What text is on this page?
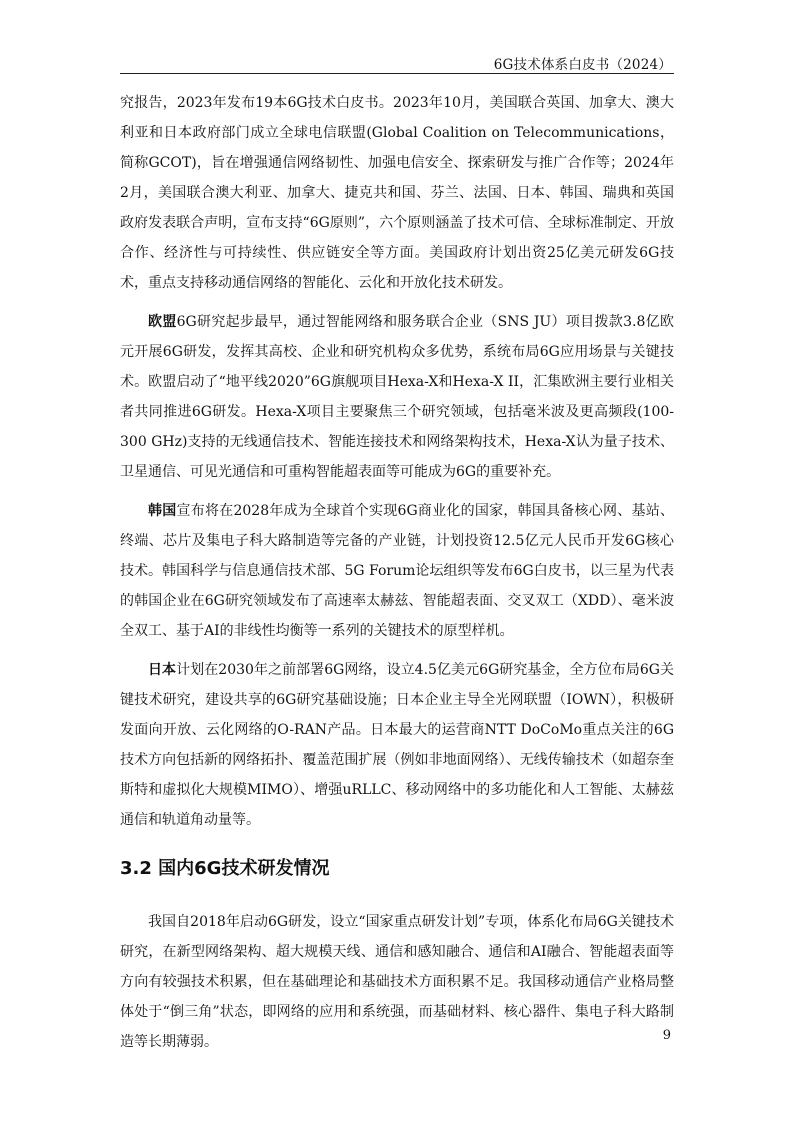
6G技术体系白皮书（2024）

究报告，2023年发布19本6G技术白皮书。2023年10月，美国联合英国、加拿大、澳大利亚和日本政府部门成立全球电信联盟(Global Coalition on Telecommunications，简称GCOT)，旨在增强通信网络韧性、加强电信安全、探索研发与推广合作等；2024年2月，美国联合澳大利亚、加拿大、捷克共和国、芬兰、法国、日本、韩国、瑞典和英国政府发表联合声明，宣布支持“6G原则”，六个原则涵盖了技术可信、全球标准制定、开放合作、经济性与可持续性、供应链安全等方面。美国政府计划出资25亿美元研发6G技术，重点支持移动通信网络的智能化、云化和开放化技术研发。

欧盟6G研究起步最早，通过智能网络和服务联合企业（SNS JU）项目拨款3.8亿欧元开展6G研发，发挥其高校、企业和研究机构众多优势，系统布局6G应用场景与关键技术。欧盟启动了“地平线2020”6G旗舰项目Hexa-X和Hexa-X II，汇集欧洲主要行业相关者共同推进6G研发。Hexa-X项目主要聚焦三个研究领域，包括毫米波及更高频段(100-300 GHz)支持的无线通信技术、智能连接技术和网络架构技术，Hexa-X认为量子技术、卫星通信、可见光通信和可重构智能超表面等可能成为6G的重要补充。

韩国宣布将在2028年成为全球首个实现6G商业化的国家，韩国具备核心网、基站、终端、芯片及集电子科大路制造等完备的产业链，计划投资12.5亿元人民币开发6G核心技术。韩国科学与信息通信技术部、5G Forum论坛组织等发布6G白皮书，以三星为代表的韩国企业在6G研究领域发布了高速率太赫兹、智能超表面、交叉双工（XDD）、毫米波全双工、基于AI的非线性均衡等一系列的关键技术的原型样机。

日本计划在2030年之前部署6G网络，设立4.5亿美元6G研究基金，全方位布局6G关键技术研究，建设共享的6G研究基础设施；日本企业主导全光网联盟（IOWN），积极研发面向开放、云化网络的O-RAN产品。日本最大的运营商NTT DoCoMo重点关注的6G技术方向包括新的网络拓扑、覆盖范围扩展（例如非地面网络）、无线传输技术（如超奈奎斯特和虚拟化大规模MIMO）、增强uRLLC、移动网络中的多功能化和人工智能、太赫兹通信和轨道角动量等。

3.2 国内6G技术研发情况

我国自2018年启动6G研发，设立“国家重点研发计划”专项，体系化布局6G关键技术研究，在新型网络架构、超大规模天线、通信和感知融合、通信和AI融合、智能超表面等方向有较强技术积累，但在基础理论和基础技术方面积累不足。我国移动通信产业格局整体处于“倒三角”状态，即网络的应用和系统强，而基础材料、核心器件、集电子科大路制造等长期薄弱。	9
